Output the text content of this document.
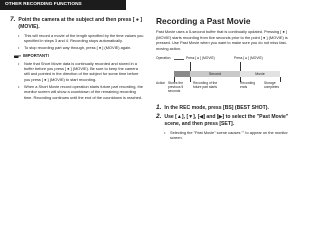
OTHER RECORDING FUNCTIONS
7. Point the camera at the subject and then press [ ● ] (MOVIE).
•	This will record a movie of the length specified by the time values you specified in steps 3 and 4. Recording stops automatically.
•	To stop recording part way through, press [ ● ] (MOVIE) again.
IMPORTANT!
•	Note that Short Movie data is continually recorded and stored in a buffer before you press [ ● ] (MOVIE). Be sure to keep the camera still and pointed in the direction of the subject for some time before you press [ ● ] (MOVIE) to start recording.
•	When a Short Movie record operation starts future part recording, the monitor screen will show a countdown of the remaining recording time. Recording continues until the end of the countdown is reached.
Recording a Past Movie
Past Movie uses a 5-second buffer that is continually updated. Pressing [ ● ] (MOVIE) starts recording from five seconds prior to the point [ ● ] (MOVIE) is pressed. Use Past Movie when you want to make sure you do not miss fast-moving action.
Operation	Press [ ● ] (MOVIE)	Press [ ● ] (MOVIE)
Second	Movie
Action Stores the previous 5 seconds
Recording of the future part starts
Recording ends
Storage completes
1. In the REC mode, press [BS] (BEST SHOT).
2. Use [▲], [▼], [◀] and [▶] to select the "Past Movie" scene, and then press [SET].
•	Selecting the "Past Movie" scene causes "" to appear on the monitor screen.
